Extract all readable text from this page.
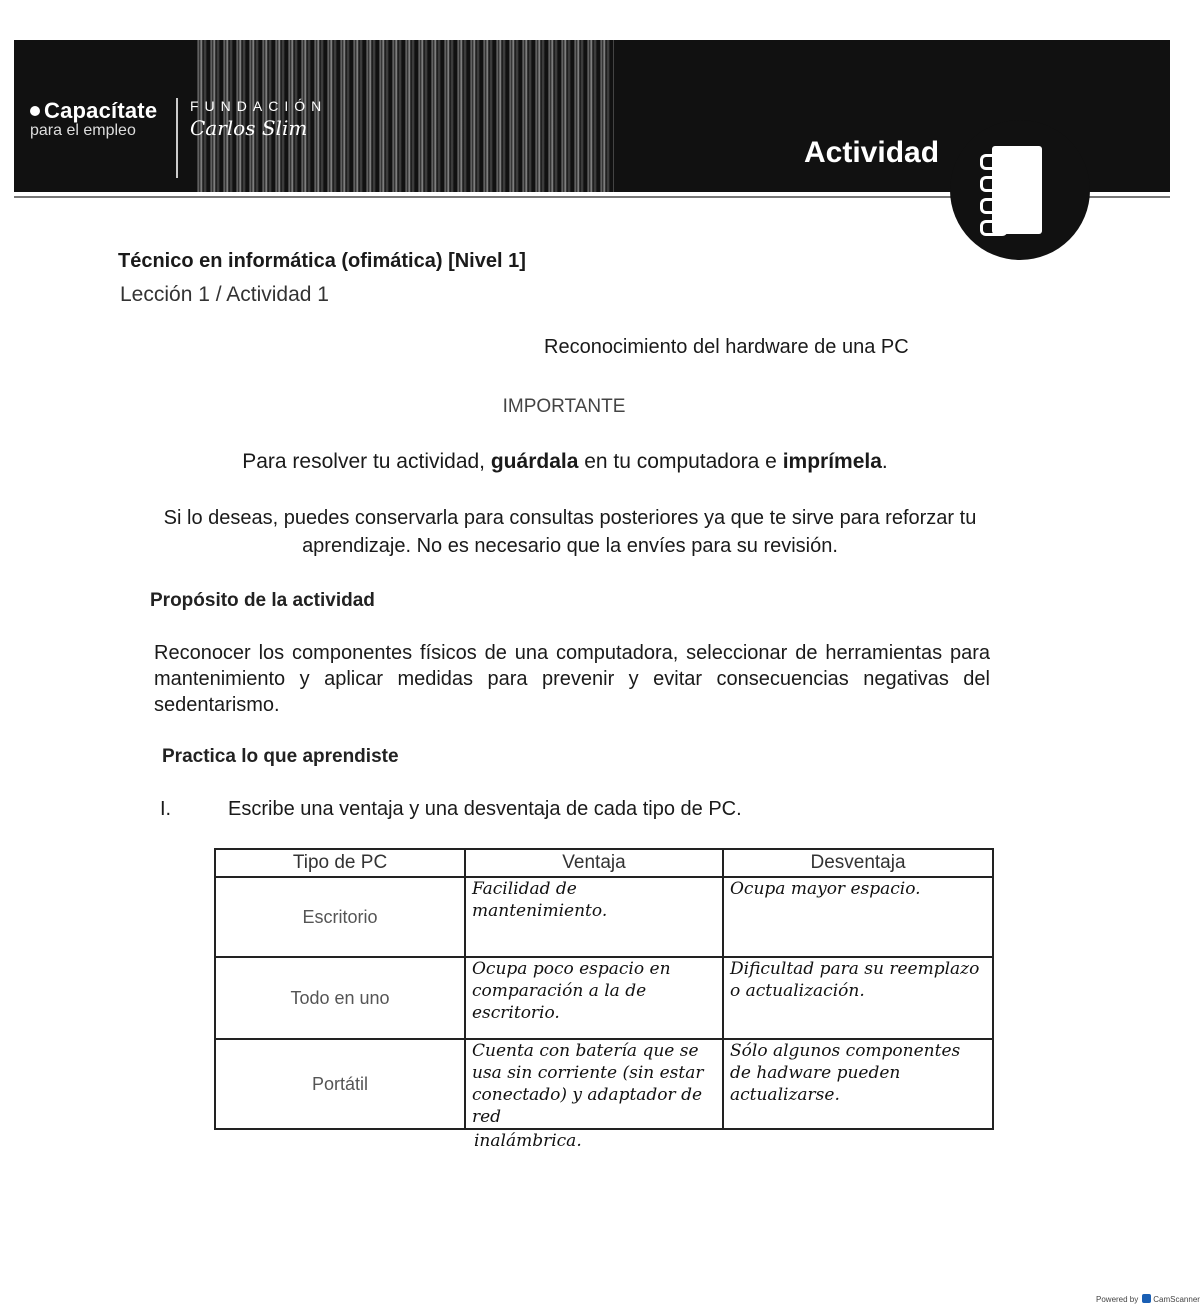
Capacítate
para el empleo
FUNDACIÓN
Carlos Slim
Actividad

Técnico en informática (ofimática) [Nivel 1]

Lección 1 / Actividad 1

Reconocimiento del hardware de una PC

IMPORTANTE

Para resolver tu actividad, guárdala en tu computadora e imprímela.

Si lo deseas, puedes conservarla para consultas posteriores ya que te sirve para reforzar tu aprendizaje. No es necesario que la envíes para su revisión.

Propósito de la actividad

Reconocer los componentes físicos de una computadora, seleccionar de herramientas para mantenimiento y aplicar medidas para prevenir y evitar consecuencias negativas del sedentarismo.

Practica lo que aprendiste

I.	Escribe una ventaja y una desventaja de cada tipo de PC.

Tipo de PC	Ventaja	Desventaja
Escritorio	Facilidad de mantenimiento.	Ocupa mayor espacio.
Todo en uno	Ocupa poco espacio en comparación a la de escritorio.	Dificultad para su reemplazo o actualización.
Portátil	Cuenta con batería que se usa sin corriente (sin estar conectado) y adaptador de red	Sólo algunos componentes de hadware pueden actualizarse.

inalámbrica.

Powered by CamScanner
